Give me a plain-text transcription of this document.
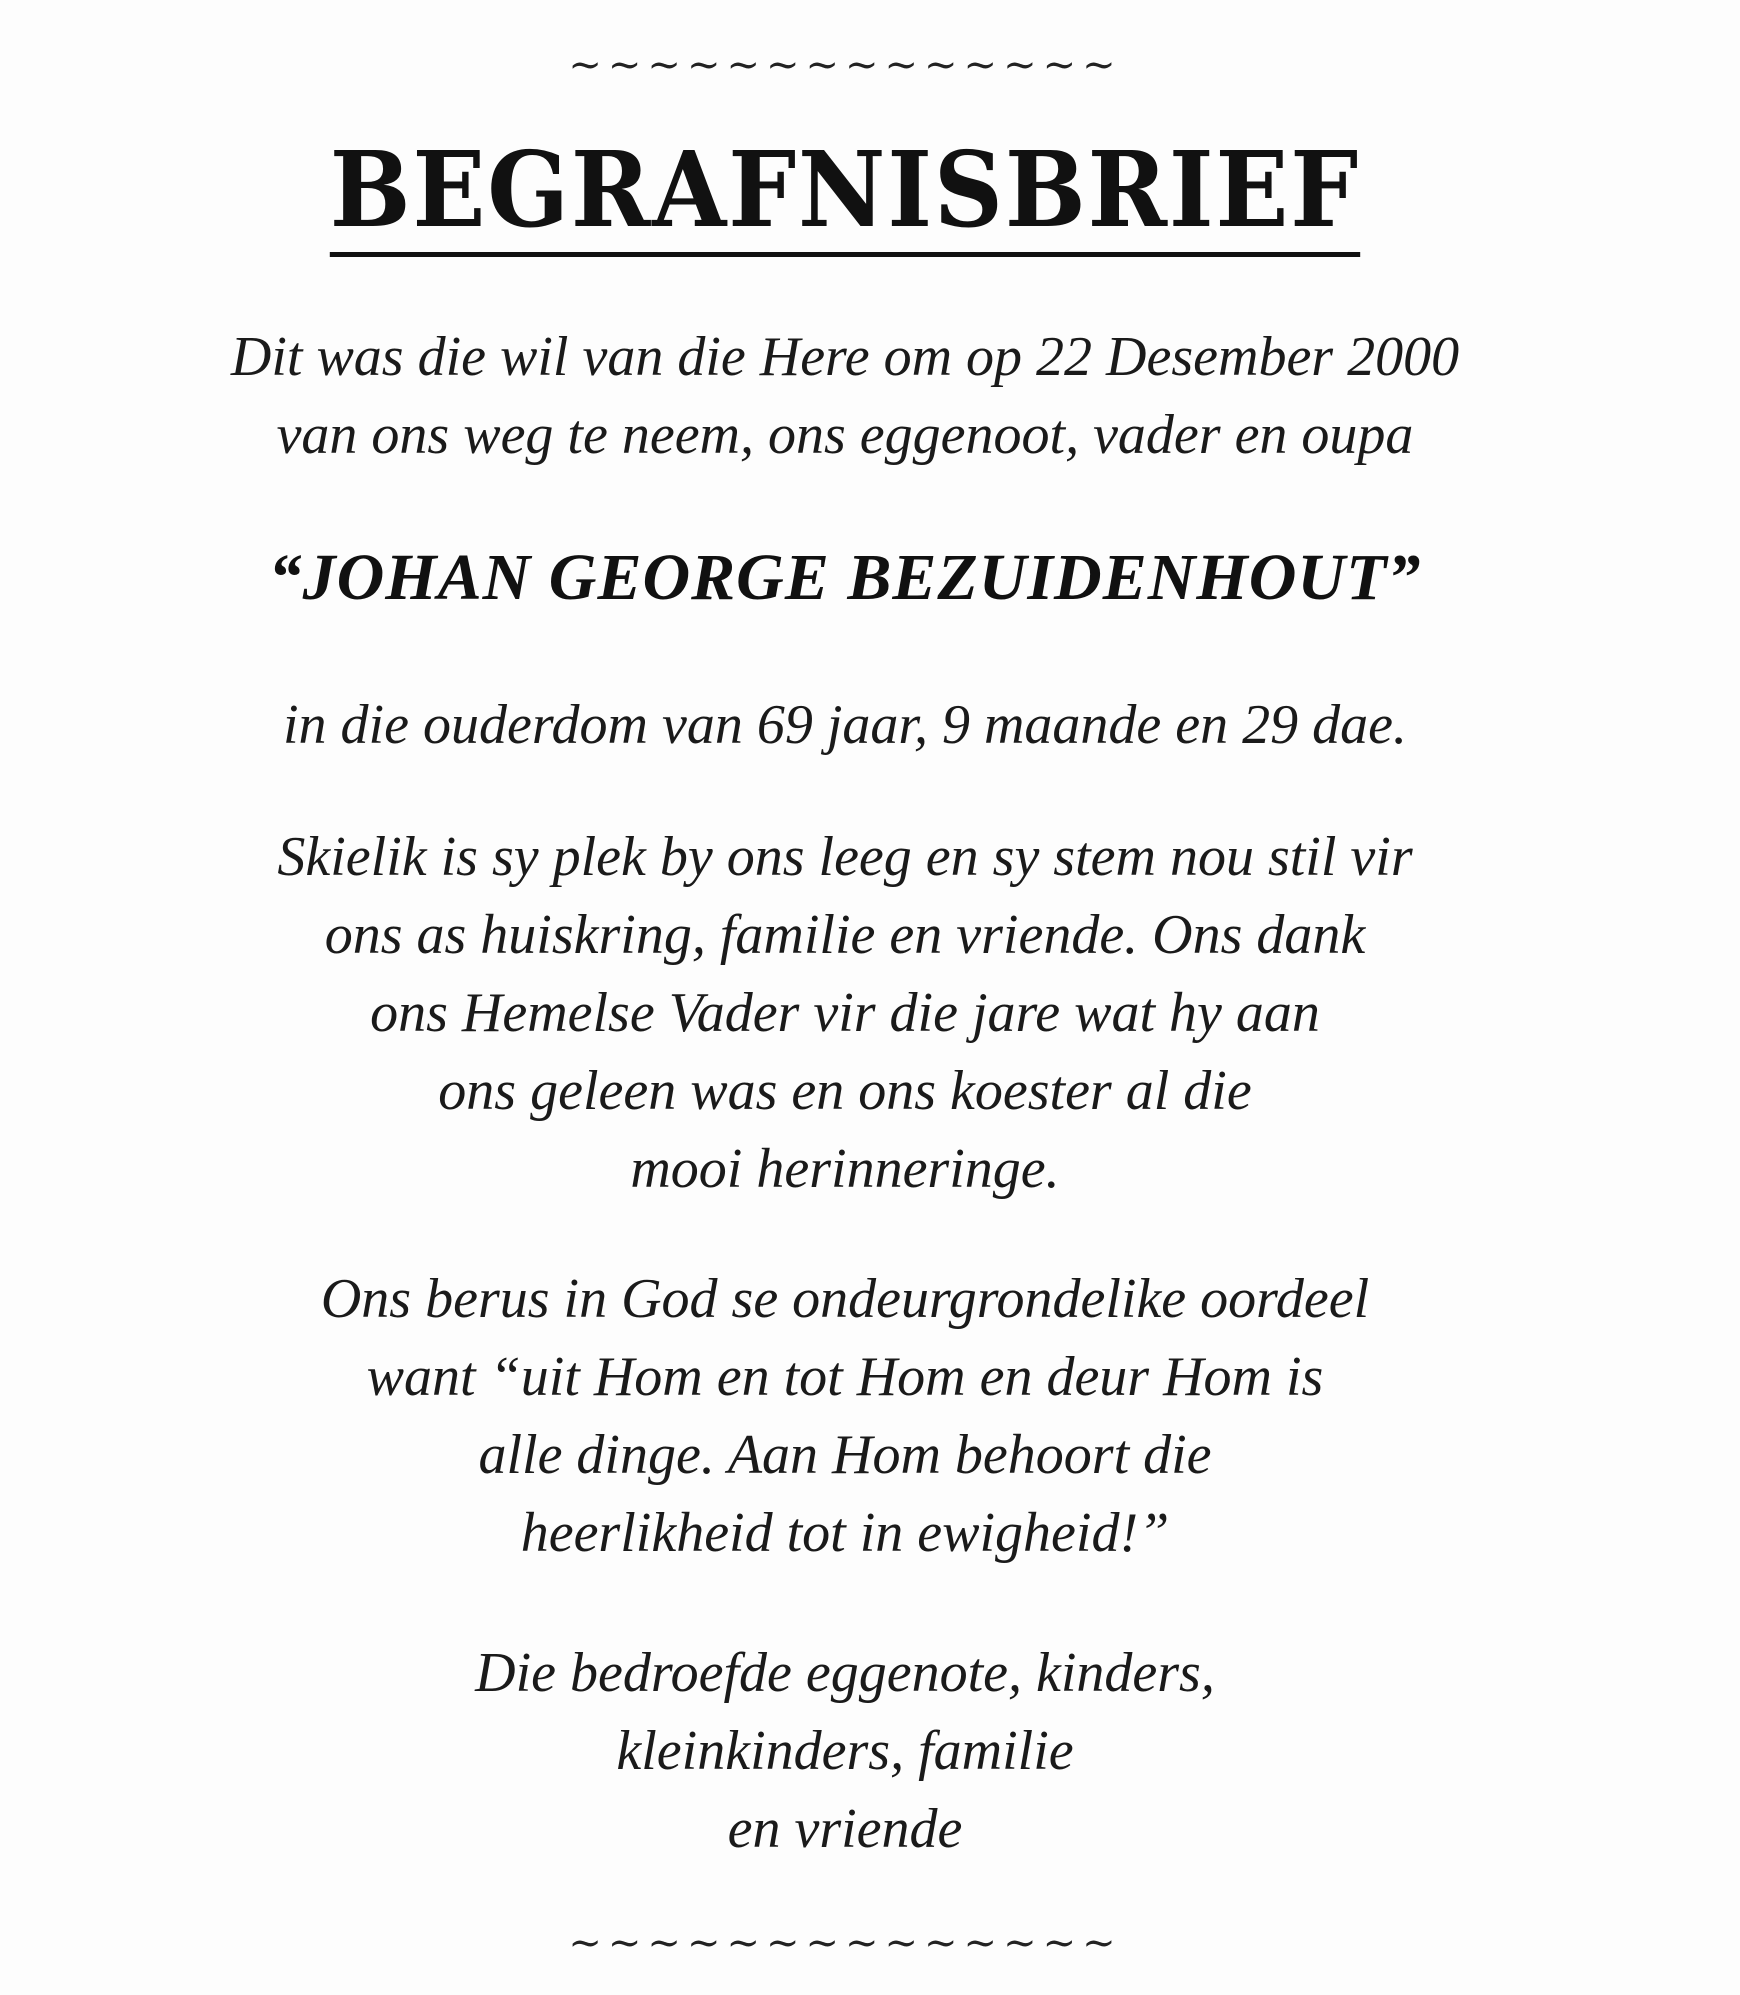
~~~~~~~~~~~~~~
BEGRAFNISBRIEF
Dit was die wil van die Here om op 22 Desember 2000
van ons weg te neem, ons eggenoot, vader en oupa
“JOHAN GEORGE BEZUIDENHOUT”
in die ouderdom van 69 jaar, 9 maande en 29 dae.
Skielik is sy plek by ons leeg en sy stem nou stil vir
ons as huiskring, familie en vriende. Ons dank
ons Hemelse Vader vir die jare wat hy aan
ons geleen was en ons koester al die
mooi herinneringe.
Ons berus in God se ondeurgrondelike oordeel
want “uit Hom en tot Hom en deur Hom is
alle dinge. Aan Hom behoort die
heerlikheid tot in ewigheid!”
Die bedroefde eggenote, kinders,
kleinkinders, familie
en vriende
~~~~~~~~~~~~~~
